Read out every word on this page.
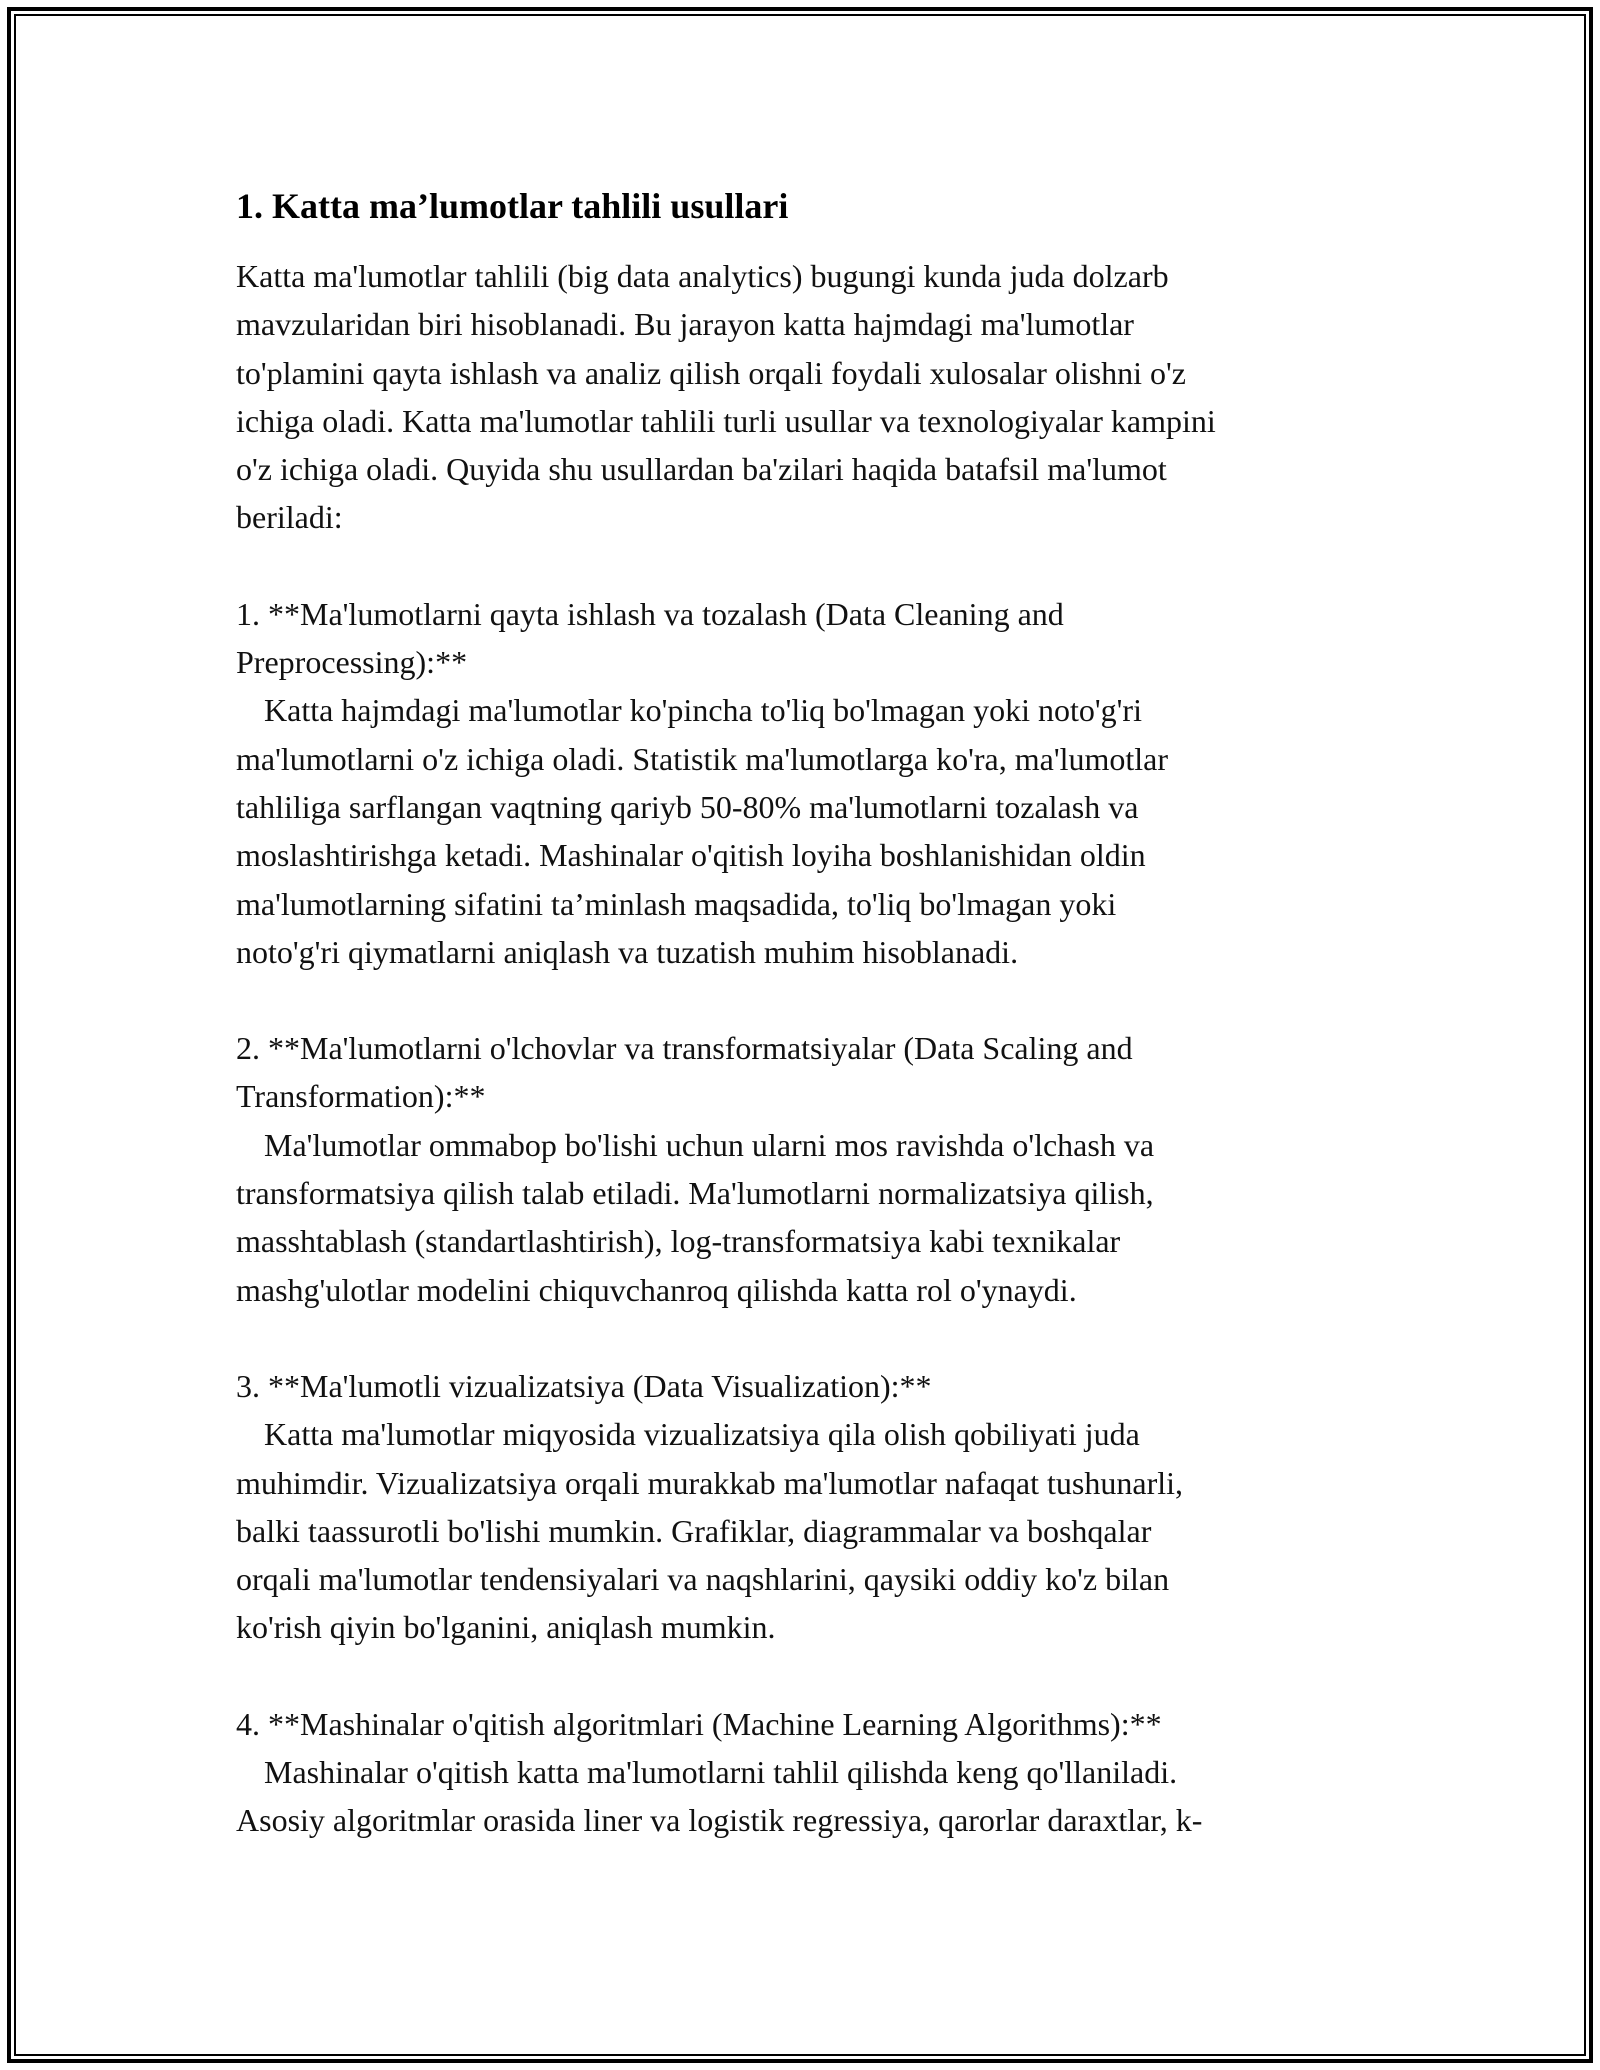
1. Katta ma’lumotlar tahlili usullari

Katta ma'lumotlar tahlili (big data analytics) bugungi kunda juda dolzarb
mavzularidan biri hisoblanadi. Bu jarayon katta hajmdagi ma'lumotlar
to'plamini qayta ishlash va analiz qilish orqali foydali xulosalar olishni o'z
ichiga oladi. Katta ma'lumotlar tahlili turli usullar va texnologiyalar kampini
o'z ichiga oladi. Quyida shu usullardan ba'zilari haqida batafsil ma'lumot
beriladi:

1. **Ma'lumotlarni qayta ishlash va tozalash (Data Cleaning and
Preprocessing):**

Katta hajmdagi ma'lumotlar ko'pincha to'liq bo'lmagan yoki noto'g'ri
ma'lumotlarni o'z ichiga oladi. Statistik ma'lumotlarga ko'ra, ma'lumotlar
tahliliga sarflangan vaqtning qariyb 50-80% ma'lumotlarni tozalash va
moslashtirishga ketadi. Mashinalar o'qitish loyiha boshlanishidan oldin
ma'lumotlarning sifatini ta’minlash maqsadida, to'liq bo'lmagan yoki
noto'g'ri qiymatlarni aniqlash va tuzatish muhim hisoblanadi.

2. **Ma'lumotlarni o'lchovlar va transformatsiyalar (Data Scaling and
Transformation):**

Ma'lumotlar ommabop bo'lishi uchun ularni mos ravishda o'lchash va
transformatsiya qilish talab etiladi. Ma'lumotlarni normalizatsiya qilish,
masshtablash (standartlashtirish), log-transformatsiya kabi texnikalar
mashg'ulotlar modelini chiquvchanroq qilishda katta rol o'ynaydi.

3. **Ma'lumotli vizualizatsiya (Data Visualization):**

Katta ma'lumotlar miqyosida vizualizatsiya qila olish qobiliyati juda
muhimdir. Vizualizatsiya orqali murakkab ma'lumotlar nafaqat tushunarli,
balki taassurotli bo'lishi mumkin. Grafiklar, diagrammalar va boshqalar
orqali ma'lumotlar tendensiyalari va naqshlarini, qaysiki oddiy ko'z bilan
ko'rish qiyin bo'lganini, aniqlash mumkin.

4. **Mashinalar o'qitish algoritmlari (Machine Learning Algorithms):**

Mashinalar o'qitish katta ma'lumotlarni tahlil qilishda keng qo'llaniladi.
Asosiy algoritmlar orasida liner va logistik regressiya, qarorlar daraxtlar, k-
